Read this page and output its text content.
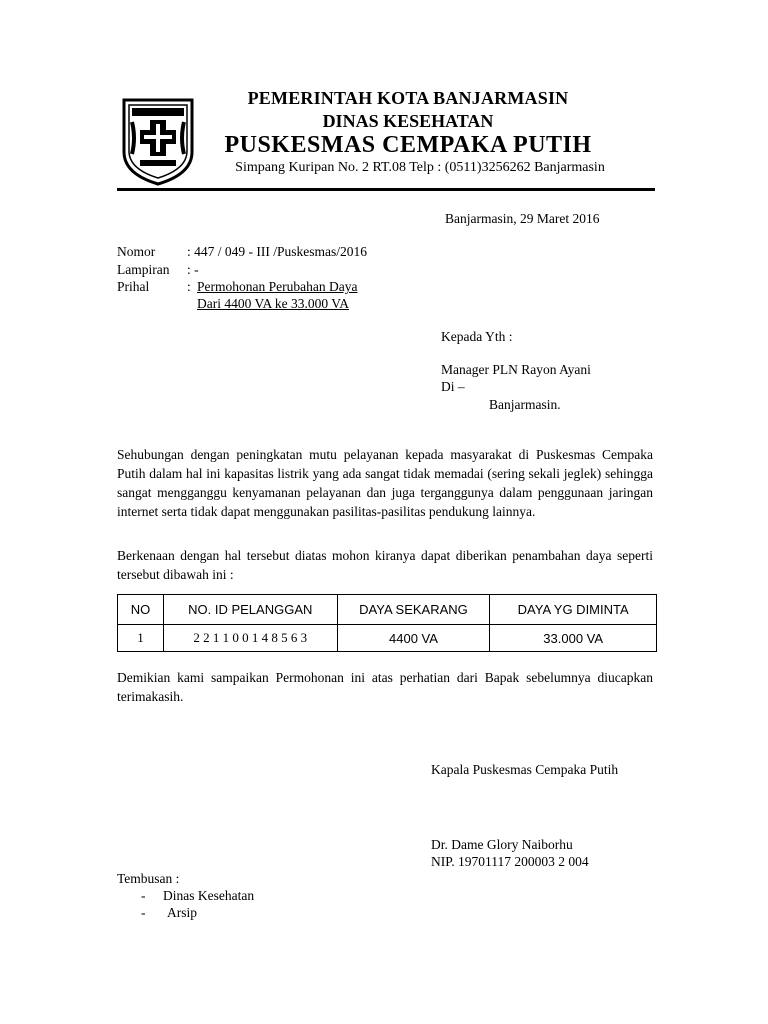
PEMERINTAH KOTA BANJARMASIN
DINAS KESEHATAN
PUSKESMAS CEMPAKA PUTIH
Simpang Kuripan No. 2 RT.08 Telp : (0511)3256262 Banjarmasin
Banjarmasin, 29 Maret 2016
Nomor : 447 / 049 - III /Puskesmas/2016
Lampiran : -
Prihal	: Permohonan Perubahan Daya
Dari 4400 VA ke 33.000 VA
Kepada Yth :
Manager PLN Rayon Ayani
Di –
Banjarmasin.
Sehubungan dengan peningkatan mutu pelayanan kepada masyarakat di Puskesmas Cempaka Putih dalam hal ini kapasitas listrik yang ada sangat tidak memadai (sering sekali jeglek) sehingga sangat mengganggu kenyamanan pelayanan dan juga terganggunya dalam penggunaan jaringan internet serta tidak dapat menggunakan pasilitas-pasilitas pendukung lainnya.
Berkenaan dengan hal tersebut diatas mohon kiranya dapat diberikan penambahan daya seperti tersebut dibawah ini :
NO	NO. ID PELANGGAN	DAYA SEKARANG	DAYA YG DIMINTA
1	2 2 1 1 0 0 1 4 8 5 6 3	4400 VA	33.000 VA
Demikian kami sampaikan Permohonan ini atas perhatian dari Bapak sebelumnya diucapkan terimakasih.
Kapala Puskesmas Cempaka Putih
Dr. Dame Glory Naiborhu
NIP. 19701117 200003 2 004
Tembusan :
- Dinas Kesehatan
- Arsip
